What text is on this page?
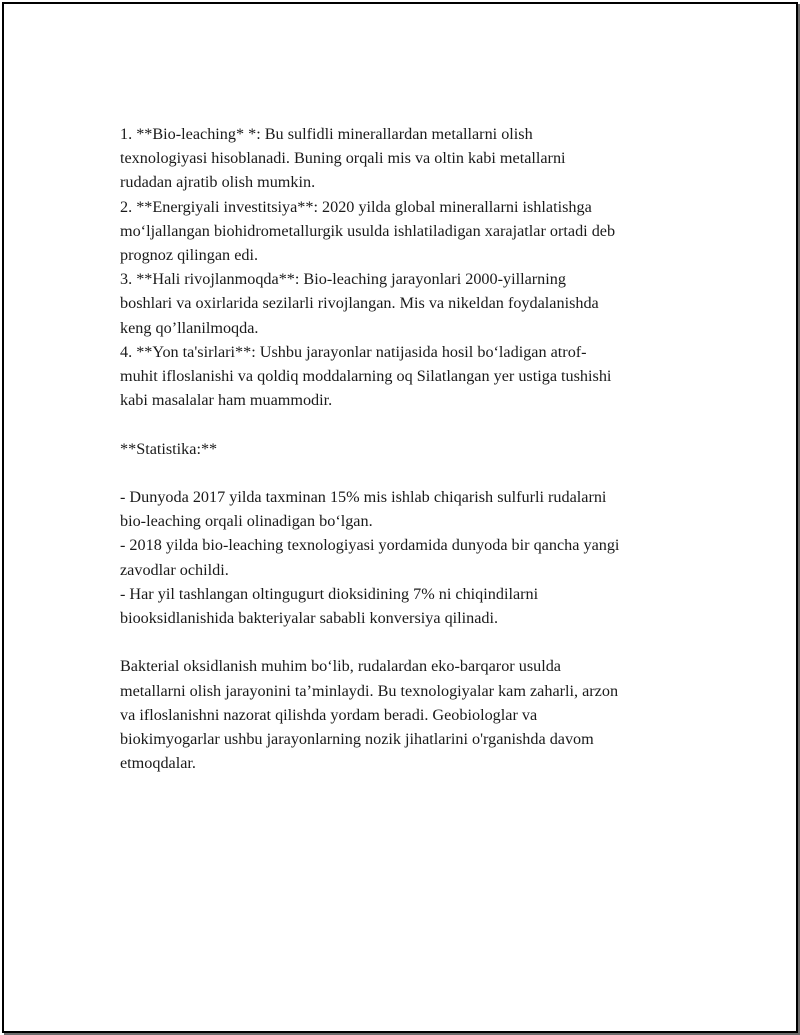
1. **Bio-leaching* *: Bu sulfidli minerallardan metallarni olish

texnologiyasi hisoblanadi. Buning orqali mis va oltin kabi metallarni

rudadan ajratib olish mumkin.

2. **Energiyali investitsiya**: 2020 yilda global minerallarni ishlatishga

mo‘ljallangan biohidrometallurgik usulda ishlatiladigan xarajatlar ortadi deb

prognoz qilingan edi.

3. **Hali rivojlanmoqda**: Bio-leaching jarayonlari 2000-yillarning

boshlari va oxirlarida sezilarli rivojlangan. Mis va nikeldan foydalanishda

keng qo’llanilmoqda.

4. **Yon ta'sirlari**: Ushbu jarayonlar natijasida hosil bo‘ladigan atrof-

muhit ifloslanishi va qoldiq moddalarning oq Silatlangan yer ustiga tushishi

kabi masalalar ham muammodir.

**Statistika:**

- Dunyoda 2017 yilda taxminan 15% mis ishlab chiqarish sulfurli rudalarni

bio-leaching orqali olinadigan bo‘lgan.

- 2018 yilda bio-leaching texnologiyasi yordamida dunyoda bir qancha yangi

zavodlar ochildi.

- Har yil tashlangan oltingugurt dioksidining 7% ni chiqindilarni

biooksidlanishida bakteriyalar sababli konversiya qilinadi.

Bakterial oksidlanish muhim bo‘lib, rudalardan eko-barqaror usulda

metallarni olish jarayonini ta’minlaydi. Bu texnologiyalar kam zaharli, arzon

va ifloslanishni nazorat qilishda yordam beradi. Geobiologlar va

biokimyogarlar ushbu jarayonlarning nozik jihatlarini o'rganishda davom

etmoqdalar.
